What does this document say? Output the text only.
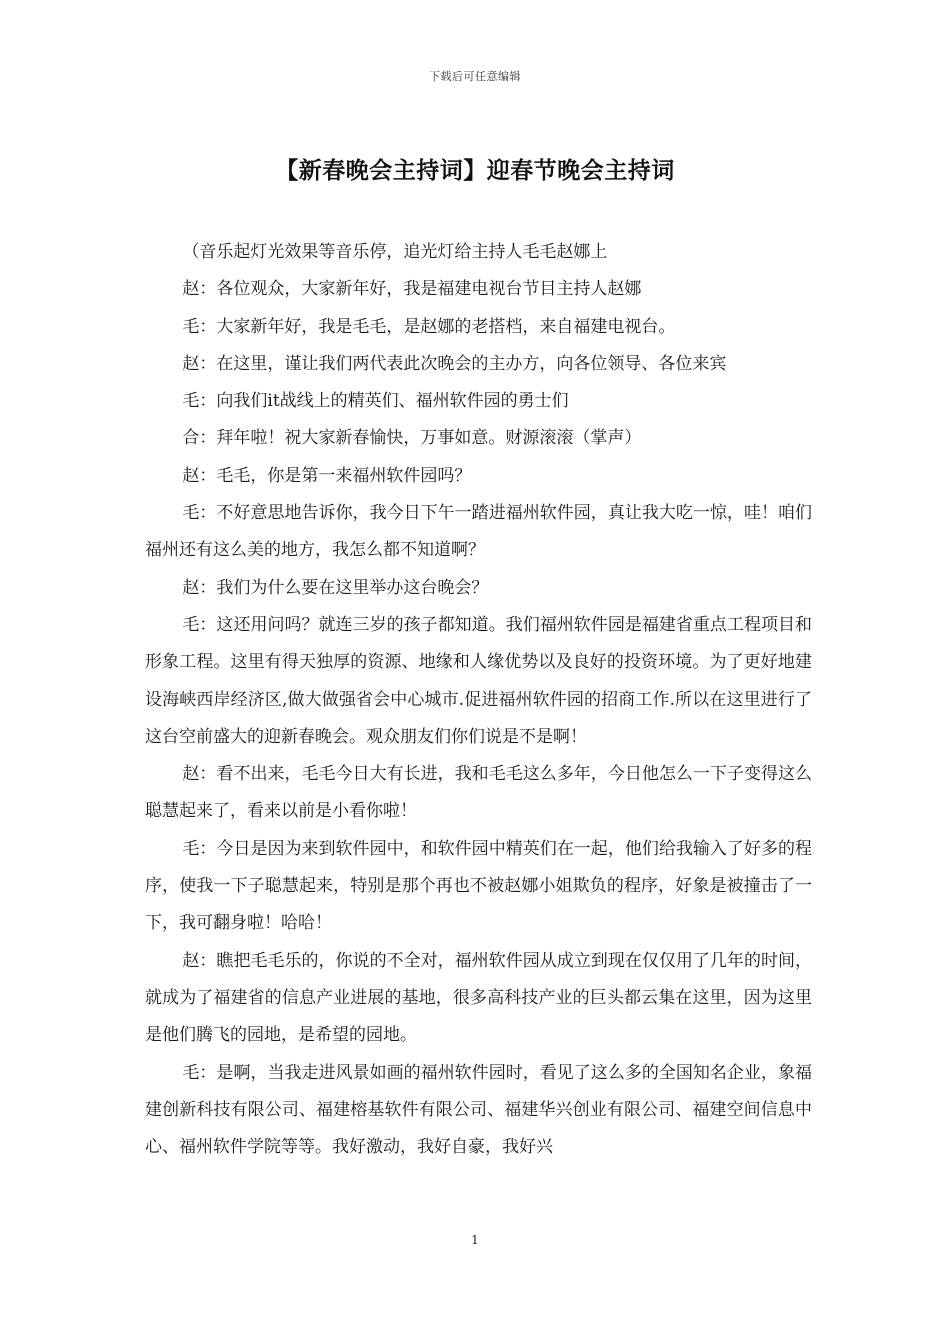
下载后可任意编辑
【新春晚会主持词】迎春节晚会主持词

（音乐起灯光效果等音乐停，追光灯给主持人毛毛赵娜上

赵：各位观众，大家新年好，我是福建电视台节目主持人赵娜

毛：大家新年好，我是毛毛，是赵娜的老搭档，来自福建电视台。

赵：在这里，谨让我们两代表此次晚会的主办方，向各位领导、各位来宾

毛：向我们it战线上的精英们、福州软件园的勇士们

合：拜年啦！祝大家新春愉快，万事如意。财源滚滚（掌声）

赵：毛毛，你是第一来福州软件园吗？

毛：不好意思地告诉你，我今日下午一踏进福州软件园，真让我大吃一惊，哇！咱们福州还有这么美的地方，我怎么都不知道啊？

赵：我们为什么要在这里举办这台晚会？

毛：这还用问吗？就连三岁的孩子都知道。我们福州软件园是福建省重点工程项目和形象工程。这里有得天独厚的资源、地缘和人缘优势以及良好的投资环境。为了更好地建设海峡西岸经济区,做大做强省会中心城市.促进福州软件园的招商工作.所以在这里进行了这台空前盛大的迎新春晚会。观众朋友们你们说是不是啊！

赵：看不出来，毛毛今日大有长进，我和毛毛这么多年，今日他怎么一下子变得这么聪慧起来了，看来以前是小看你啦！

毛：今日是因为来到软件园中，和软件园中精英们在一起，他们给我输入了好多的程序，使我一下子聪慧起来，特别是那个再也不被赵娜小姐欺负的程序，好象是被撞击了一下，我可翻身啦！哈哈！

赵：瞧把毛毛乐的，你说的不全对，福州软件园从成立到现在仅仅用了几年的时间，就成为了福建省的信息产业进展的基地，很多高科技产业的巨头都云集在这里，因为这里是他们腾飞的园地，是希望的园地。

毛：是啊，当我走进风景如画的福州软件园时，看见了这么多的全国知名企业，象福建创新科技有限公司、福建榕基软件有限公司、福建华兴创业有限公司、福建空间信息中心、福州软件学院等等。我好激动，我好自豪，我好兴

1
